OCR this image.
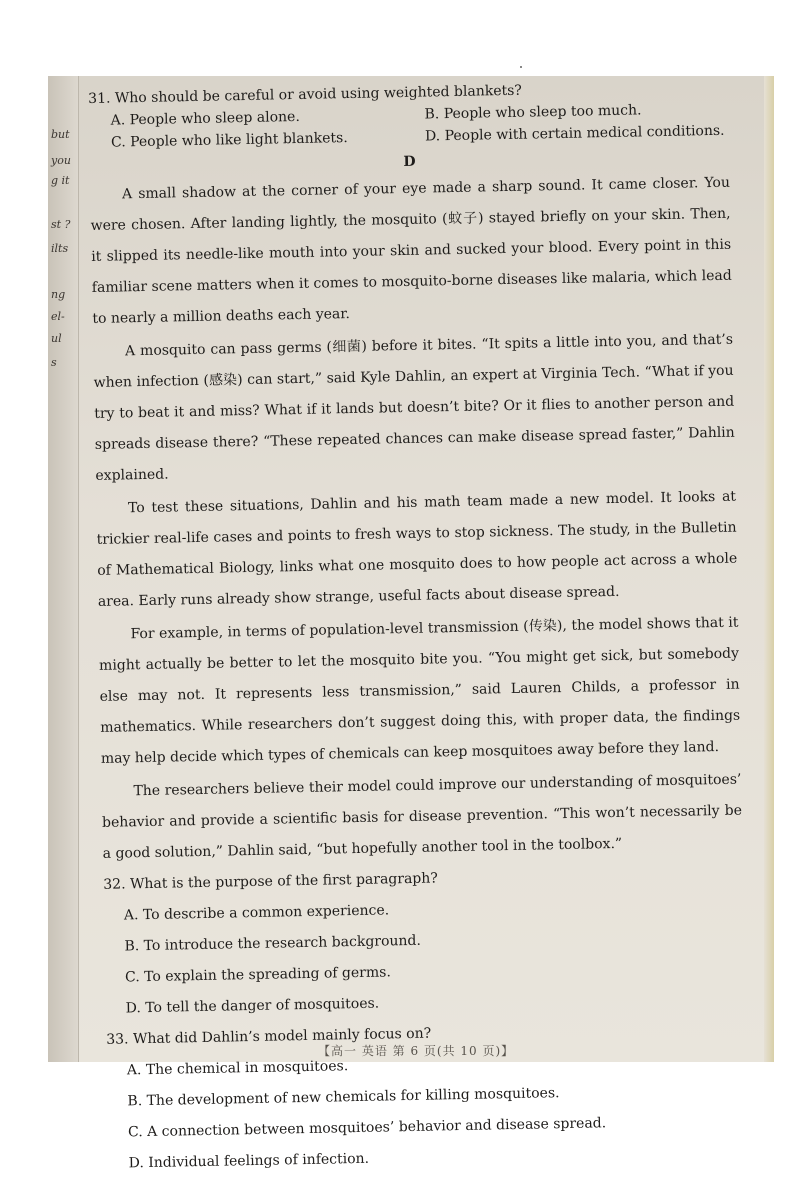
but
you
g it
st ?
ilts
ng
el-
ul
s

31. Who should be careful or avoid using weighted blankets?

A. People who sleep alone.	B. People who sleep too much.

C. People who like light blankets.	D. People with certain medical conditions.

D

A small shadow at the corner of your eye made a sharp sound. It came closer. You were chosen. After landing lightly, the mosquito (蚊子) stayed briefly on your skin. Then, it slipped its needle-like mouth into your skin and sucked your blood. Every point in this familiar scene matters when it comes to mosquito-borne diseases like malaria, which lead to nearly a million deaths each year.

A mosquito can pass germs (细菌) before it bites. “It spits a little into you, and that’s when infection (感染) can start,” said Kyle Dahlin, an expert at Virginia Tech. “What if you try to beat it and miss? What if it lands but doesn’t bite? Or it flies to another person and spreads disease there? “These repeated chances can make disease spread faster,” Dahlin explained.

To test these situations, Dahlin and his math team made a new model. It looks at trickier real-life cases and points to fresh ways to stop sickness. The study, in the Bulletin of Mathematical Biology, links what one mosquito does to how people act across a whole area. Early runs already show strange, useful facts about disease spread.

For example, in terms of population-level transmission (传染), the model shows that it might actually be better to let the mosquito bite you. “You might get sick, but somebody else may not. It represents less transmission,” said Lauren Childs, a professor in mathematics. While researchers don’t suggest doing this, with proper data, the findings may help decide which types of chemicals can keep mosquitoes away before they land.

The researchers believe their model could improve our understanding of mosquitoes’ behavior and provide a scientific basis for disease prevention. “This won’t necessarily be a good solution,” Dahlin said, “but hopefully another tool in the toolbox.”

32. What is the purpose of the first paragraph?

A. To describe a common experience.

B. To introduce the research background.

C. To explain the spreading of germs.

D. To tell the danger of mosquitoes.

33. What did Dahlin’s model mainly focus on?

A. The chemical in mosquitoes.

B. The development of new chemicals for killing mosquitoes.

C. A connection between mosquitoes’ behavior and disease spread.

D. Individual feelings of infection.

【高一 英语 第 6 页(共 10 页)】
